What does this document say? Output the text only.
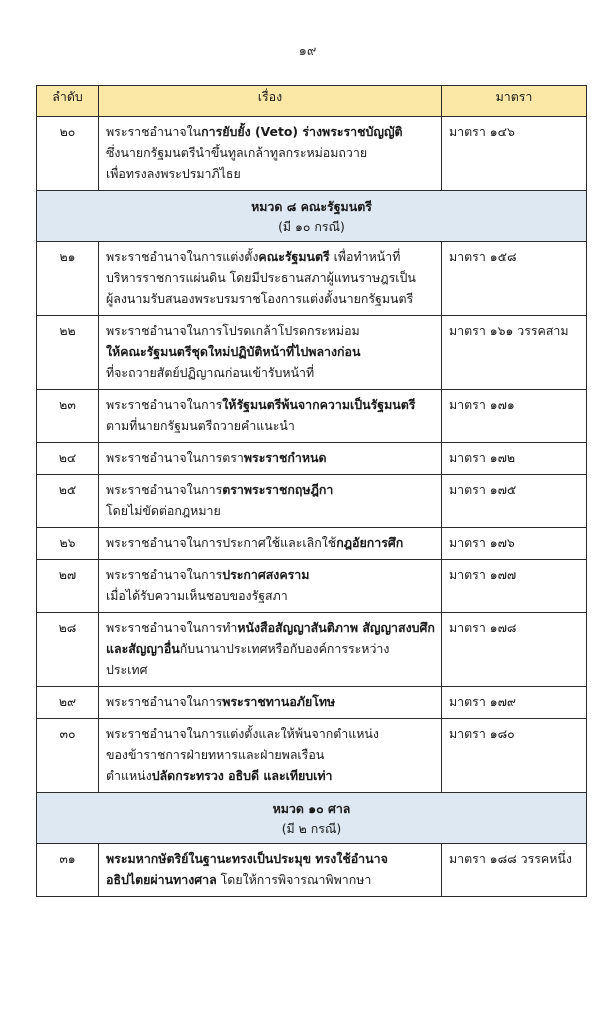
๑๙
ลำดับ	เรื่อง	มาตรา
๒๐	พระราชอำนาจในการยับยั้ง (Veto) ร่างพระราชบัญญัติ
ซึ่งนายกรัฐมนตรีนำขึ้นทูลเกล้าทูลกระหม่อมถวาย
เพื่อทรงลงพระปรมาภิไธย	มาตรา ๑๔๖

หมวด ๘ คณะรัฐมนตรี
(มี ๑๐ กรณี)		

๒๑	พระราชอำนาจในการแต่งตั้งคณะรัฐมนตรี เพื่อทำหน้าที่
บริหารราชการแผ่นดิน โดยมีประธานสภาผู้แทนราษฎรเป็น
ผู้ลงนามรับสนองพระบรมราชโองการแต่งตั้งนายกรัฐมนตรี	มาตรา ๑๕๘
๒๒	พระราชอำนาจในการโปรดเกล้าโปรดกระหม่อม
ให้คณะรัฐมนตรีชุดใหม่ปฏิบัติหน้าที่ไปพลางก่อน
ที่จะถวายสัตย์ปฏิญาณก่อนเข้ารับหน้าที่	มาตรา ๑๖๑ วรรคสาม
๒๓	พระราชอำนาจในการให้รัฐมนตรีพ้นจากความเป็นรัฐมนตรี
ตามที่นายกรัฐมนตรีถวายคำแนะนำ	มาตรา ๑๗๑
๒๔	พระราชอำนาจในการตราพระราชกำหนด	มาตรา ๑๗๒
๒๕	พระราชอำนาจในการตราพระราชกฤษฎีกา
โดยไม่ขัดต่อกฎหมาย	มาตรา ๑๗๕
๒๖	พระราชอำนาจในการประกาศใช้และเลิกใช้กฎอัยการศึก	มาตรา ๑๗๖
๒๗	พระราชอำนาจในการประกาศสงคราม
เมื่อได้รับความเห็นชอบของรัฐสภา	มาตรา ๑๗๗
๒๘	พระราชอำนาจในการทำหนังสือสัญญาสันติภาพ สัญญาสงบศึก
และสัญญาอื่นกับนานาประเทศหรือกับองค์การระหว่าง
ประเทศ	มาตรา ๑๗๘
๒๙	พระราชอำนาจในการพระราชทานอภัยโทษ	มาตรา ๑๗๙
๓๐	พระราชอำนาจในการแต่งตั้งและให้พ้นจากตำแหน่ง
ของข้าราชการฝ่ายทหารและฝ่ายพลเรือน
ตำแหน่งปลัดกระทรวง อธิบดี และเทียบเท่า	มาตรา ๑๘๐

หมวด ๑๐ ศาล
(มี ๒ กรณี)		

๓๑	พระมหากษัตริย์ในฐานะทรงเป็นประมุข ทรงใช้อำนาจ
อธิปไตยผ่านทางศาล โดยให้การพิจารณาพิพากษา	มาตรา ๑๘๘ วรรคหนึ่ง
